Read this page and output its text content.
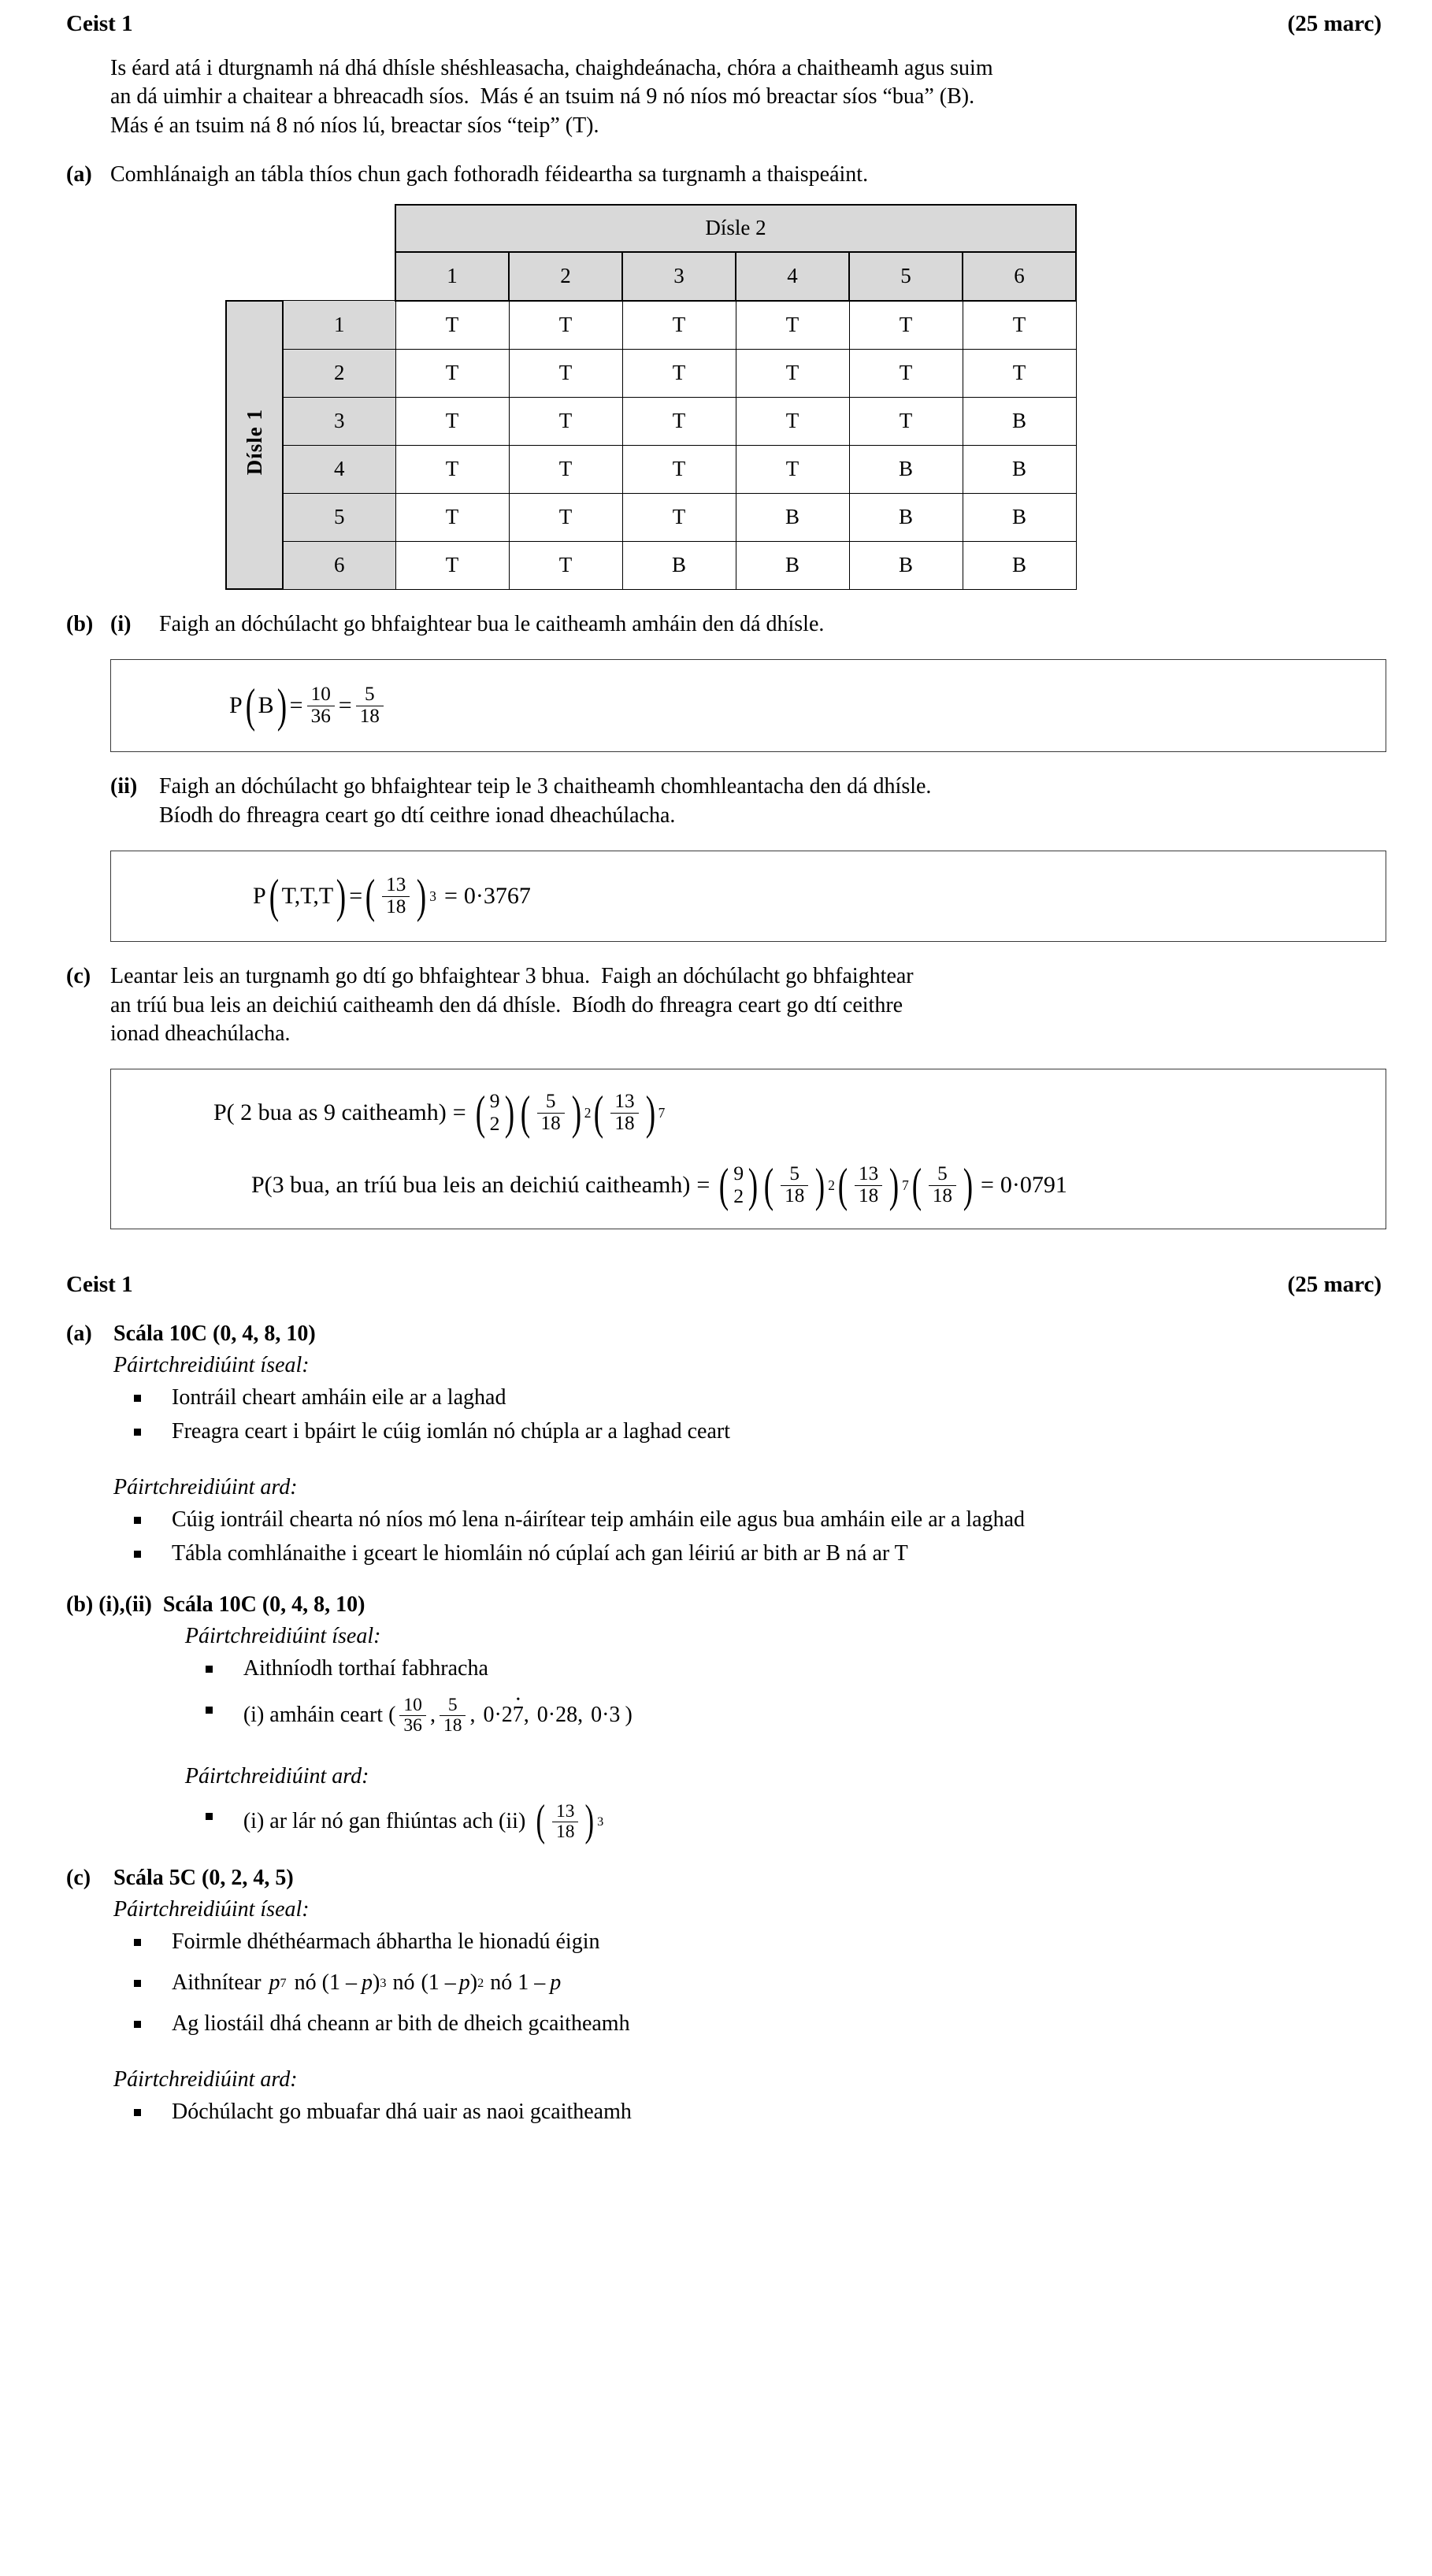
Ceist 1	(25 marc)
Is éard atá i dturgnamh ná dhá dhísle shéshleasacha, chaighdeánacha, chóra a chaitheamh agus suim
an dá uimhir a chaitear a bhreacadh síos.  Más é an tsuim ná 9 nó níos mó breactar síos “bua” (B).
Más é an tsuim ná 8 nó níos lú, breactar síos “teip” (T).
(a) Comhlánaigh an tábla thíos chun gach fothoradh féideartha sa turgnamh a thaispeáint.
		Dísle 2					
		1	2	3	4	5	6
Dísle 1	1	T	T	T	T	T	T
	2	T	T	T	T	T	T
	3	T	T	T	T	T	B
	4	T	T	T	T	B	B
	5	T	T	T	B	B	B
	6	T	T	B	B	B	B
(b) (i)	Faigh an dóchúlacht go bhfaightear bua le caitheamh amháin den dá dhísle.
P ( B ) = $\frac{10}{36} = \frac{5}{18}$
(ii) Faigh an dóchúlacht go bhfaightear teip le 3 chaitheamh chomhleantacha den dá dhísle.
Bíodh do fhreagra ceart go dtí ceithre ionad dheachúlacha.
P ( T,T,T ) = ( $\frac{13}{18}$ ) 3 = 0·3767
(c) Leantar leis an turgnamh go dtí go bhfaightear 3 bhua.  Faigh an dóchúlacht go bhfaightear
an tríú bua leis an deichiú caitheamh den dá dhísle.  Bíodh do fhreagra ceart go dtí ceithre
ionad dheachúlacha.
P( 2 bua as 9 caitheamh) = ( 9
2 ) ( $\frac{5}{18}$ ) 2 ( $\frac{13}{18}$ ) 7
P(3 bua, an tríú bua leis an deichiú caitheamh) = ( 9
2 ) ( $\frac{5}{18}$ ) 2 ( $\frac{13}{18}$ ) 7 ( $\frac{5}{18}$ ) = 0·0791
Ceist 1	(25 marc)
(a) Scála 10C (0, 4, 8, 10)
Páirtchreidiúint íseal:
Iontráil cheart amháin eile ar a laghad
Freagra ceart i bpáirt le cúig iomlán nó chúpla ar a laghad ceart
Páirtchreidiúint ard:
Cúig iontráil chearta nó níos mó lena n-áirítear teip amháin eile agus bua amháin eile ar a laghad
Tábla comhlánaithe i gceart le hiomláin nó cúplaí ach gan léiriú ar bith ar B ná ar T
(b) (i),(ii) Scála 10C (0, 4, 8, 10)
Páirtchreidiúint íseal:
Aithníodh torthaí fabhracha
(i) amháin ceart ( $\frac{10}{36}$ , $\frac{5}{18}$ , 0·2 • 7 , 0·28, 0·3 )
Páirtchreidiúint ard:
(i) ar lár nó gan fhiúntas ach (ii) ( $\frac{13}{18}$ ) 3
(c)	Scála 5C (0, 2, 4, 5)
Páirtchreidiúint íseal:
Foirmle dhéthéarmach ábhartha le hionadú éigin
Aithnítear p 7 nó (1 – p ) 3 nó (1 – p ) 2 nó 1 – p
Ag liostáil dhá cheann ar bith de dheich gcaitheamh
Páirtchreidiúint ard:
Dóchúlacht go mbuafar dhá uair as naoi gcaitheamh
